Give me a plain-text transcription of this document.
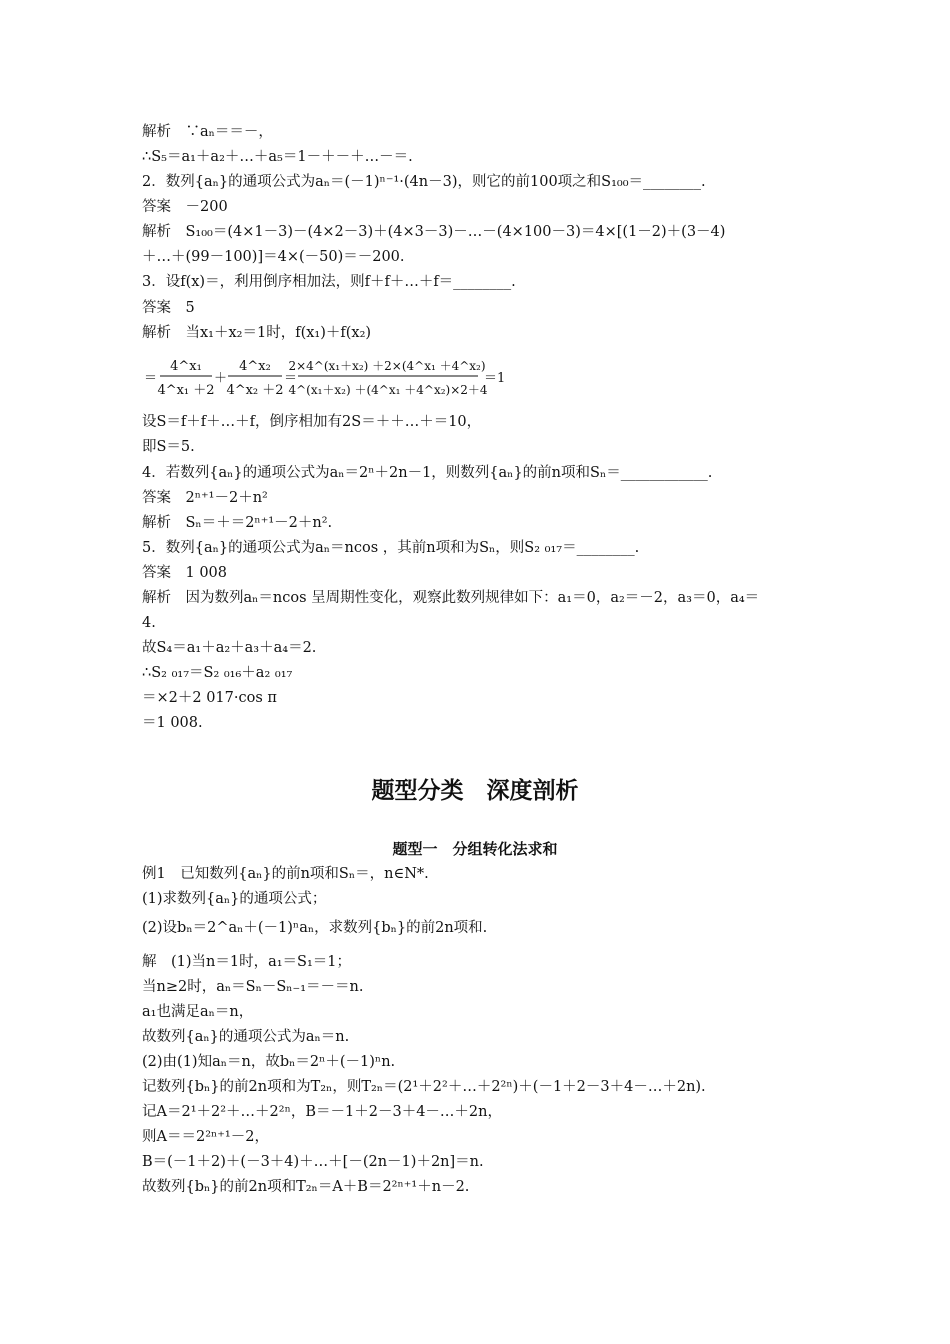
解析　∵aₙ＝＝－，
∴S₅＝a₁＋a₂＋…＋a₅＝1－＋－＋…－＝.
2．数列{aₙ}的通项公式为aₙ＝(－1)ⁿ⁻¹·(4n－3)，则它的前100项之和S₁₀₀＝________.
答案　－200
解析　S₁₀₀＝(4×1－3)－(4×2－3)＋(4×3－3)－…－(4×100－3)＝4×[(1－2)＋(3－4)
＋…＋(99－100)]＝4×(－50)＝－200.
3．设f(x)＝，利用倒序相加法，则f＋f＋…＋f＝________.
答案　5
解析　当x₁＋x₂＝1时，f(x₁)＋f(x₂)
＝
4^x₁
4^x₁ ＋2
＋
4^x₂
4^x₂ ＋2
＝
2×4^(x₁＋x₂) ＋2×(4^x₁ ＋4^x₂)
4^(x₁＋x₂) ＋(4^x₁ ＋4^x₂)×2＋4
＝1
设S＝f＋f＋…＋f，倒序相加有2S＝＋＋…＋＝10，
即S＝5.
4．若数列{aₙ}的通项公式为aₙ＝2ⁿ＋2n－1，则数列{aₙ}的前n项和Sₙ＝____________.
答案　2ⁿ⁺¹－2＋n²
解析　Sₙ＝＋＝2ⁿ⁺¹－2＋n².
5．数列{aₙ}的通项公式为aₙ＝ncos ，其前n项和为Sₙ，则S₂ ₀₁₇＝________.
答案　1 008
解析　因为数列aₙ＝ncos 呈周期性变化，观察此数列规律如下：a₁＝0，a₂＝－2，a₃＝0，a₄＝
4.
故S₄＝a₁＋a₂＋a₃＋a₄＝2.
∴S₂ ₀₁₇＝S₂ ₀₁₆＋a₂ ₀₁₇
＝×2＋2 017·cos π
＝1 008.
题型分类　深度剖析
题型一　分组转化法求和
例1　已知数列{aₙ}的前n项和Sₙ＝，n∈N*.
(1)求数列{aₙ}的通项公式；
(2)设bₙ＝2^aₙ＋(－1)ⁿaₙ，求数列{bₙ}的前2n项和.
解　(1)当n＝1时，a₁＝S₁＝1；
当n≥2时，aₙ＝Sₙ－Sₙ₋₁＝－＝n.
a₁也满足aₙ＝n，
故数列{aₙ}的通项公式为aₙ＝n.
(2)由(1)知aₙ＝n，故bₙ＝2ⁿ＋(－1)ⁿn.
记数列{bₙ}的前2n项和为T₂ₙ，则T₂ₙ＝(2¹＋2²＋…＋2²ⁿ)＋(－1＋2－3＋4－…＋2n).
记A＝2¹＋2²＋…＋2²ⁿ，B＝－1＋2－3＋4－…＋2n，
则A＝＝2²ⁿ⁺¹－2，
B＝(－1＋2)＋(－3＋4)＋…＋[－(2n－1)＋2n]＝n.
故数列{bₙ}的前2n项和T₂ₙ＝A＋B＝2²ⁿ⁺¹＋n－2.
